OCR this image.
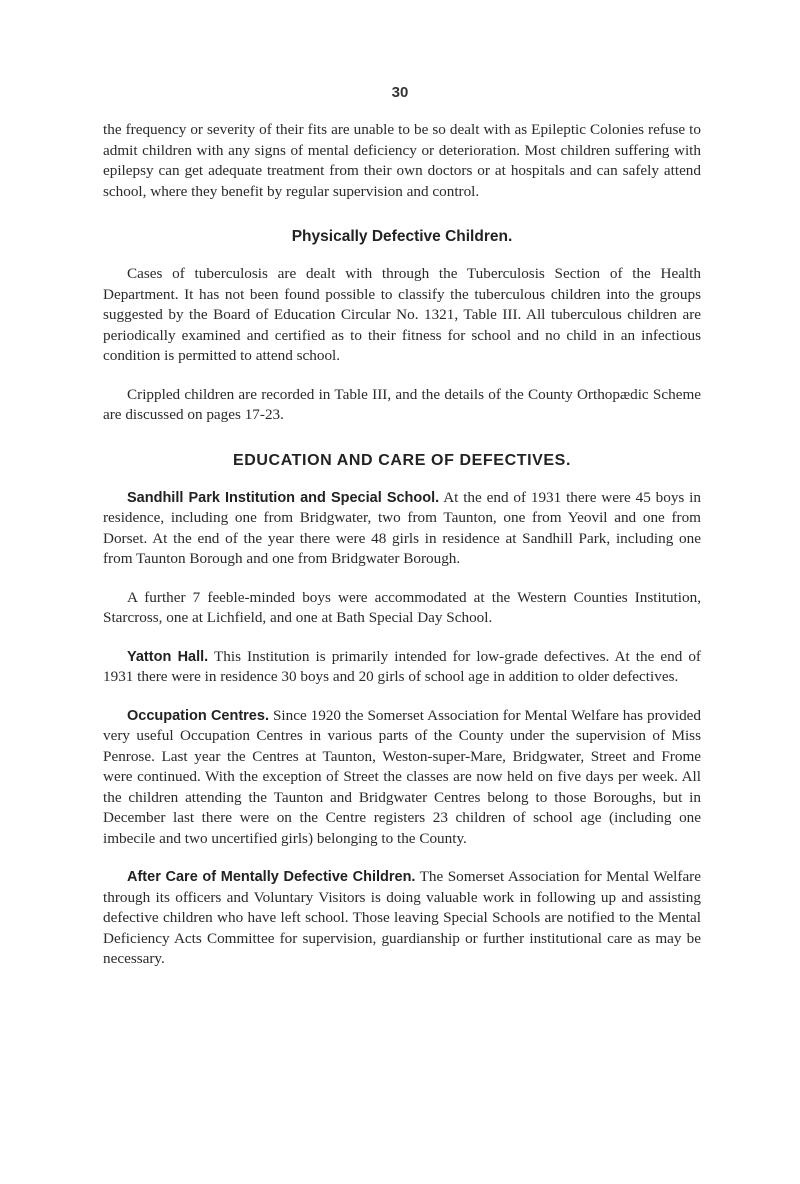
30

the frequency or severity of their fits are unable to be so dealt with as Epileptic Colonies refuse to admit children with any signs of mental deficiency or deterioration. Most children suffering with epilepsy can get adequate treatment from their own doctors or at hospitals and can safely attend school, where they benefit by regular supervision and control.

Physically Defective Children.

Cases of tuberculosis are dealt with through the Tuberculosis Section of the Health Department. It has not been found possible to classify the tuberculous children into the groups suggested by the Board of Education Circular No. 1321, Table III. All tuberculous children are periodically examined and certified as to their fitness for school and no child in an infectious condition is permitted to attend school.

Crippled children are recorded in Table III, and the details of the County Orthopædic Scheme are discussed on pages 17-23.

EDUCATION AND CARE OF DEFECTIVES.

Sandhill Park Institution and Special School. At the end of 1931 there were 45 boys in residence, including one from Bridgwater, two from Taunton, one from Yeovil and one from Dorset. At the end of the year there were 48 girls in residence at Sandhill Park, including one from Taunton Borough and one from Bridgwater Borough.

A further 7 feeble-minded boys were accommodated at the Western Counties Institution, Starcross, one at Lichfield, and one at Bath Special Day School.

Yatton Hall. This Institution is primarily intended for low-grade defectives. At the end of 1931 there were in residence 30 boys and 20 girls of school age in addition to older defectives.

Occupation Centres. Since 1920 the Somerset Association for Mental Welfare has provided very useful Occupation Centres in various parts of the County under the supervision of Miss Penrose. Last year the Centres at Taunton, Weston-super-Mare, Bridgwater, Street and Frome were continued. With the exception of Street the classes are now held on five days per week. All the children attending the Taunton and Bridgwater Centres belong to those Boroughs, but in December last there were on the Centre registers 23 children of school age (including one imbecile and two uncertified girls) belonging to the County.

After Care of Mentally Defective Children. The Somerset Association for Mental Welfare through its officers and Voluntary Visitors is doing valuable work in following up and assisting defective children who have left school. Those leaving Special Schools are notified to the Mental Deficiency Acts Committee for supervision, guardianship or further institutional care as may be necessary.
